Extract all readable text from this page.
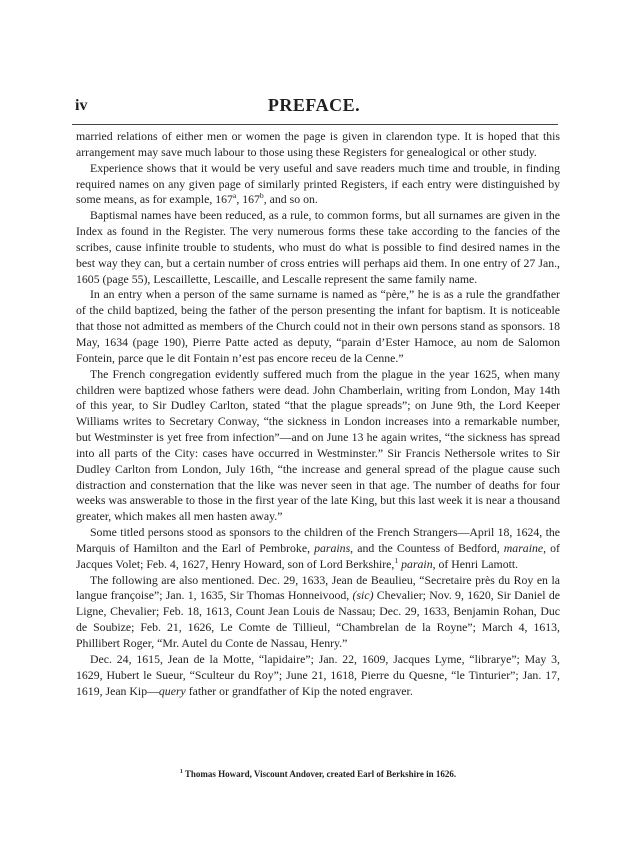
iv	PREFACE.

married relations of either men or women the page is given in clarendon type. It is hoped that this arrangement may save much labour to those using these Registers for genealogical or other study.

Experience shows that it would be very useful and save readers much time and trouble, in finding required names on any given page of similarly printed Registers, if each entry were distinguished by some means, as for example, 167$^a$, 167$^b$, and so on.

Baptismal names have been reduced, as a rule, to common forms, but all surnames are given in the Index as found in the Register. The very numerous forms these take according to the fancies of the scribes, cause infinite trouble to students, who must do what is possible to find desired names in the best way they can, but a certain number of cross entries will perhaps aid them. In one entry of 27 Jan., 1605 (page 55), Lescaillette, Lescaille, and Lescalle represent the same family name.

In an entry when a person of the same surname is named as “père,” he is as a rule the grandfather of the child baptized, being the father of the person presenting the infant for baptism. It is noticeable that those not admitted as members of the Church could not in their own persons stand as sponsors. 18 May, 1634 (page 190), Pierre Patte acted as deputy, “parain d’Ester Hamoce, au nom de Salomon Fontein, parce que le dit Fontain n’est pas encore receu de la Cenne.”

The French congregation evidently suffered much from the plague in the year 1625, when many children were baptized whose fathers were dead. John Chamberlain, writing from London, May 14th of this year, to Sir Dudley Carlton, stated “that the plague spreads”; on June 9th, the Lord Keeper Williams writes to Secretary Conway, “the sickness in London increases into a remarkable number, but Westminster is yet free from infection”—and on June 13 he again writes, “the sickness has spread into all parts of the City: cases have occurred in Westminster.” Sir Francis Nethersole writes to Sir Dudley Carlton from London, July 16th, “the increase and general spread of the plague cause such distraction and consternation that the like was never seen in that age. The number of deaths for four weeks was answerable to those in the first year of the late King, but this last week it is near a thousand greater, which makes all men hasten away.”

Some titled persons stood as sponsors to the children of the French Strangers—April 18, 1624, the Marquis of Hamilton and the Earl of Pembroke, parains, and the Countess of Bedford, maraine, of Jacques Volet; Feb. 4, 1627, Henry Howard, son of Lord Berkshire,$^1$ parain, of Henri Lamott.

The following are also mentioned. Dec. 29, 1633, Jean de Beaulieu, “Secretaire près du Roy en la langue françoise”; Jan. 1, 1635, Sir Thomas Honneivood, (sic) Chevalier; Nov. 9, 1620, Sir Daniel de Ligne, Chevalier; Feb. 18, 1613, Count Jean Louis de Nassau; Dec. 29, 1633, Benjamin Rohan, Duc de Soubize; Feb. 21, 1626, Le Comte de Tillieul, “Chambrelan de la Royne”; March 4, 1613, Phillibert Roger, “Mr. Autel du Conte de Nassau, Henry.”

Dec. 24, 1615, Jean de la Motte, “lapidaire”; Jan. 22, 1609, Jacques Lyme, “librarye”; May 3, 1629, Hubert le Sueur, “Sculteur du Roy”; June 21, 1618, Pierre du Quesne, “le Tinturier”; Jan. 17, 1619, Jean Kip—query father or grandfather of Kip the noted engraver.

$^1$ Thomas Howard, Viscount Andover, created Earl of Berkshire in 1626.
